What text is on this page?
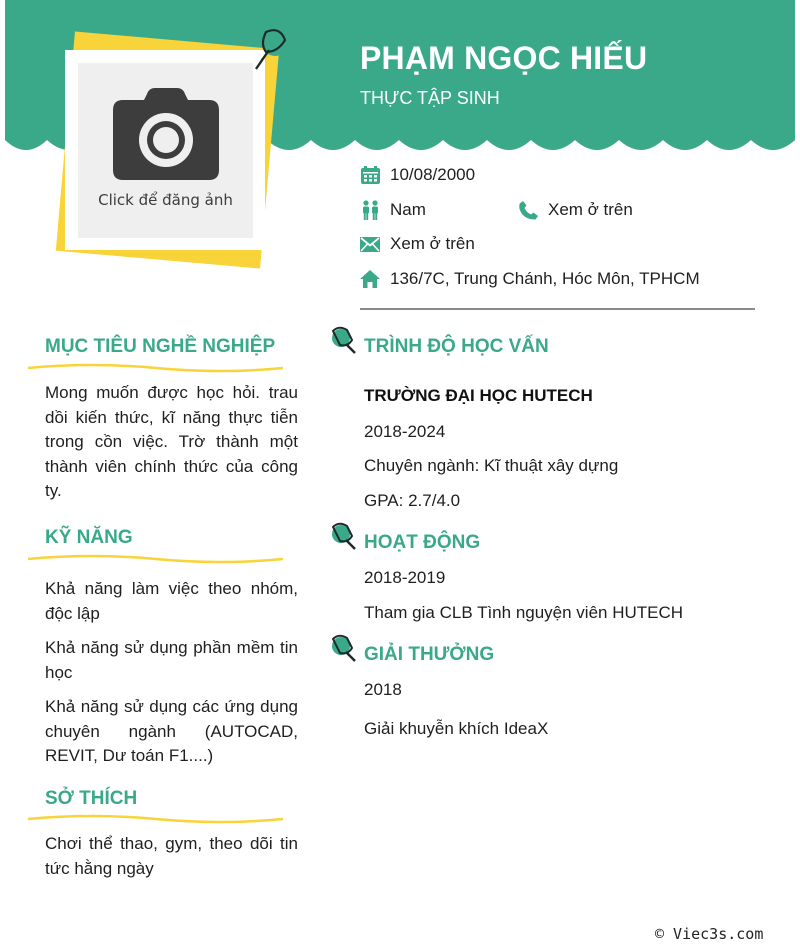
Click để đăng ảnh
PHẠM NGỌC HIẾU
THỰC TẬP SINH
10/08/2000
Nam	Xem ở trên
Xem ở trên
136/7C, Trung Chánh, Hóc Môn, TPHCM
MỤC TIÊU NGHỀ NGHIỆP
Mong muốn được học hỏi. trau dồi kiến thức, kĩ năng thực tiễn trong cồn việc. Trờ thành một thành viên chính thức của công ty.
KỸ NĂNG
Khả năng làm việc theo nhóm, độc lập
Khả năng sử dụng phần mềm tin học
Khả năng sử dụng các ứng dụng chuyên ngành (AUTOCAD, REVIT, Dư toán F1....)
SỞ THÍCH
Chơi thể thao, gym, theo dõi tin tức hằng ngày
TRÌNH ĐỘ HỌC VẤN
TRƯỜNG ĐẠI HỌC HUTECH
2018-2024
Chuyên ngành: Kĩ thuật xây dựng
GPA: 2.7/4.0
HOẠT ĐỘNG
2018-2019
Tham gia CLB Tình nguyện viên HUTECH
GIẢI THƯỞNG
2018
Giải khuyễn khích IdeaX
© Viec3s.com
